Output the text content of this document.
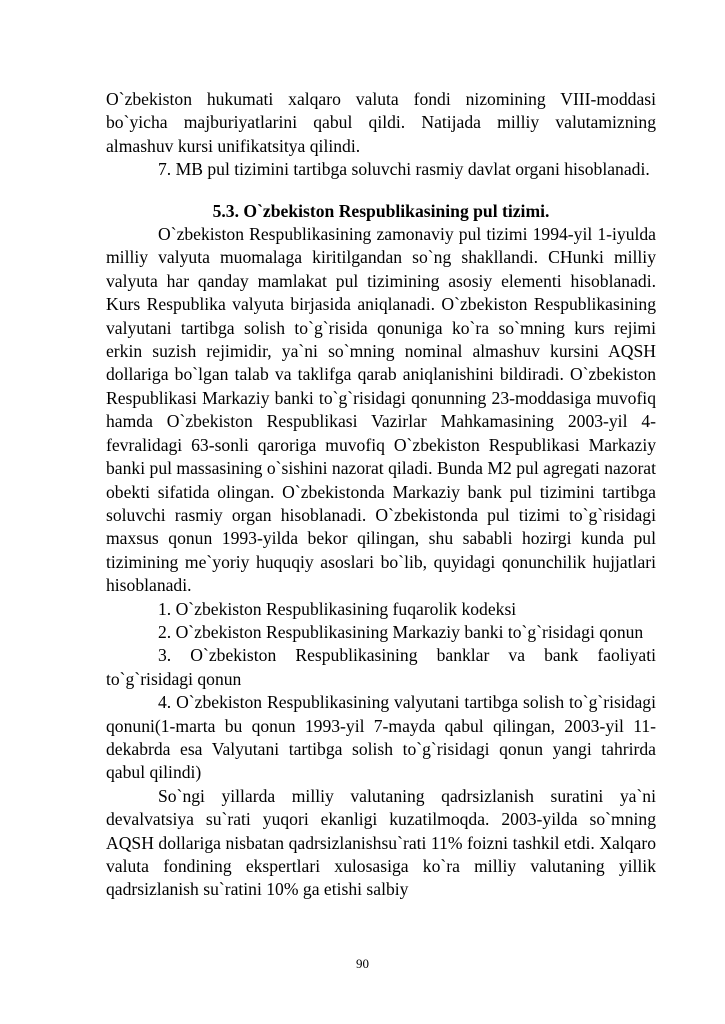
O`zbekiston hukumati xalqaro valuta fondi nizomining VIII-moddasi bo`yicha majburiyatlarini qabul qildi. Natijada milliy valutamizning almashuv kursi unifikatsitya qilindi.

7. MB pul tizimini tartibga soluvchi rasmiy davlat organi hisoblanadi.

5.3. O`zbekiston Respublikasining pul tizimi.

O`zbekiston Respublikasining zamonaviy pul tizimi 1994-yil 1-iyulda milliy valyuta muomalaga kiritilgandan so`ng shakllandi. CHunki milliy valyuta har qanday mamlakat pul tizimining asosiy elementi hisoblanadi. Kurs Respublika valyuta birjasida aniqlanadi. O`zbekiston Respublikasining valyutani tartibga solish to`g`risida qonuniga ko`ra so`mning kurs rejimi erkin suzish rejimidir, ya`ni so`mning nominal almashuv kursini AQSH dollariga bo`lgan talab va taklifga qarab aniqlanishini bildiradi. O`zbekiston Respublikasi Markaziy banki to`g`risidagi qonunning 23-moddasiga muvofiq hamda O`zbekiston Respublikasi Vazirlar Mahkamasining 2003-yil 4-fevralidagi 63-sonli qaroriga muvofiq O`zbekiston Respublikasi Markaziy banki pul massasining o`sishini nazorat qiladi. Bunda M2 pul agregati nazorat obekti sifatida olingan. O`zbekistonda Markaziy bank pul tizimini tartibga soluvchi rasmiy organ hisoblanadi. O`zbekistonda pul tizimi to`g`risidagi maxsus qonun 1993-yilda bekor qilingan, shu sababli hozirgi kunda pul tizimining me`yoriy huquqiy asoslari bo`lib, quyidagi qonunchilik hujjatlari hisoblanadi.

1. O`zbekiston Respublikasining fuqarolik kodeksi

2. O`zbekiston Respublikasining Markaziy banki to`g`risidagi qonun

3. O`zbekiston Respublikasining banklar va bank faoliyati to`g`risidagi qonun

4. O`zbekiston Respublikasining valyutani tartibga solish to`g`risidagi qonuni(1-marta bu qonun 1993-yil 7-mayda qabul qilingan, 2003-yil 11-dekabrda esa Valyutani tartibga solish to`g`risidagi qonun yangi tahrirda qabul qilindi)

So`ngi yillarda milliy valutaning qadrsizlanish suratini ya`ni devalvatsiya su`rati yuqori ekanligi kuzatilmoqda. 2003-yilda so`mning AQSH dollariga nisbatan qadrsizlanishsu`rati 11% foizni tashkil etdi. Xalqaro valuta fondining ekspertlari xulosasiga ko`ra milliy valutaning yillik qadrsizlanish su`ratini 10% ga etishi salbiy

90
